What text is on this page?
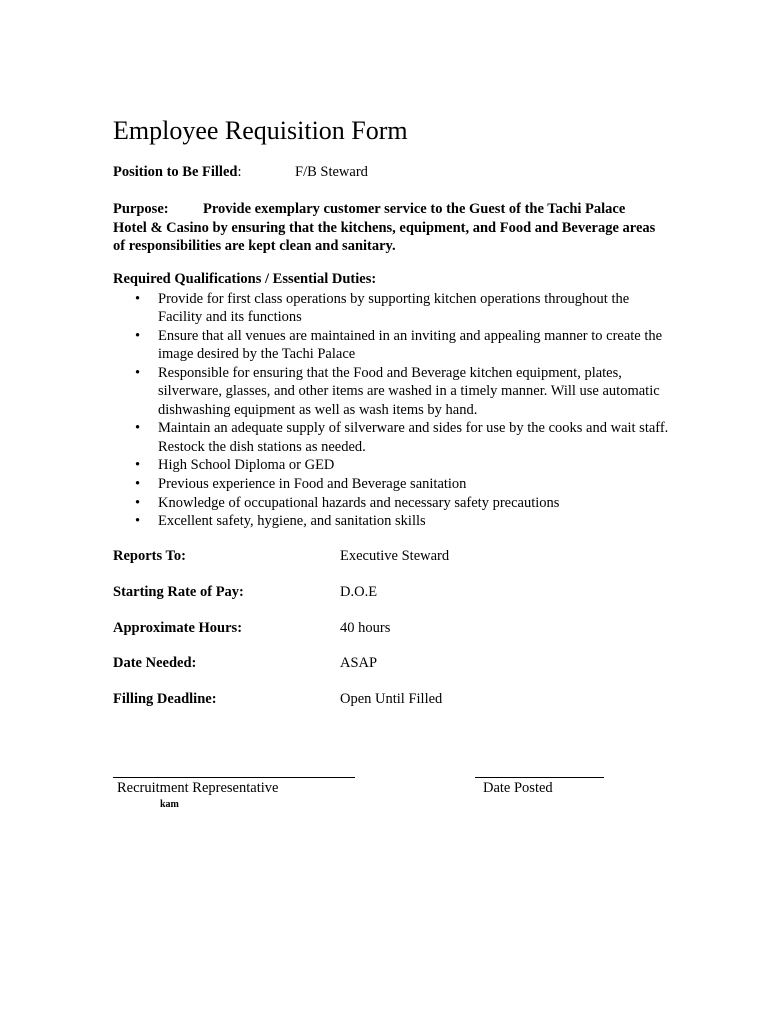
Employee Requisition Form
Position to Be Filled:	F/B Steward
Purpose: Provide exemplary customer service to the Guest of the Tachi Palace Hotel & Casino by ensuring that the kitchens, equipment, and Food and Beverage areas of responsibilities are kept clean and sanitary.
Required Qualifications / Essential Duties:
• Provide for first class operations by supporting kitchen operations throughout the Facility and its functions
• Ensure that all venues are maintained in an inviting and appealing manner to create the image desired by the Tachi Palace
• Responsible for ensuring that the Food and Beverage kitchen equipment, plates, silverware, glasses, and other items are washed in a timely manner. Will use automatic dishwashing equipment as well as wash items by hand.
• Maintain an adequate supply of silverware and sides for use by the cooks and wait staff. Restock the dish stations as needed.
• High School Diploma or GED
• Previous experience in Food and Beverage sanitation
• Knowledge of occupational hazards and necessary safety precautions
• Excellent safety, hygiene, and sanitation skills
Reports To:	Executive Steward
Starting Rate of Pay:	D.O.E
Approximate Hours:	40 hours
Date Needed:	ASAP
Filling Deadline:	Open Until Filled
Recruitment Representative	Date Posted
kam
